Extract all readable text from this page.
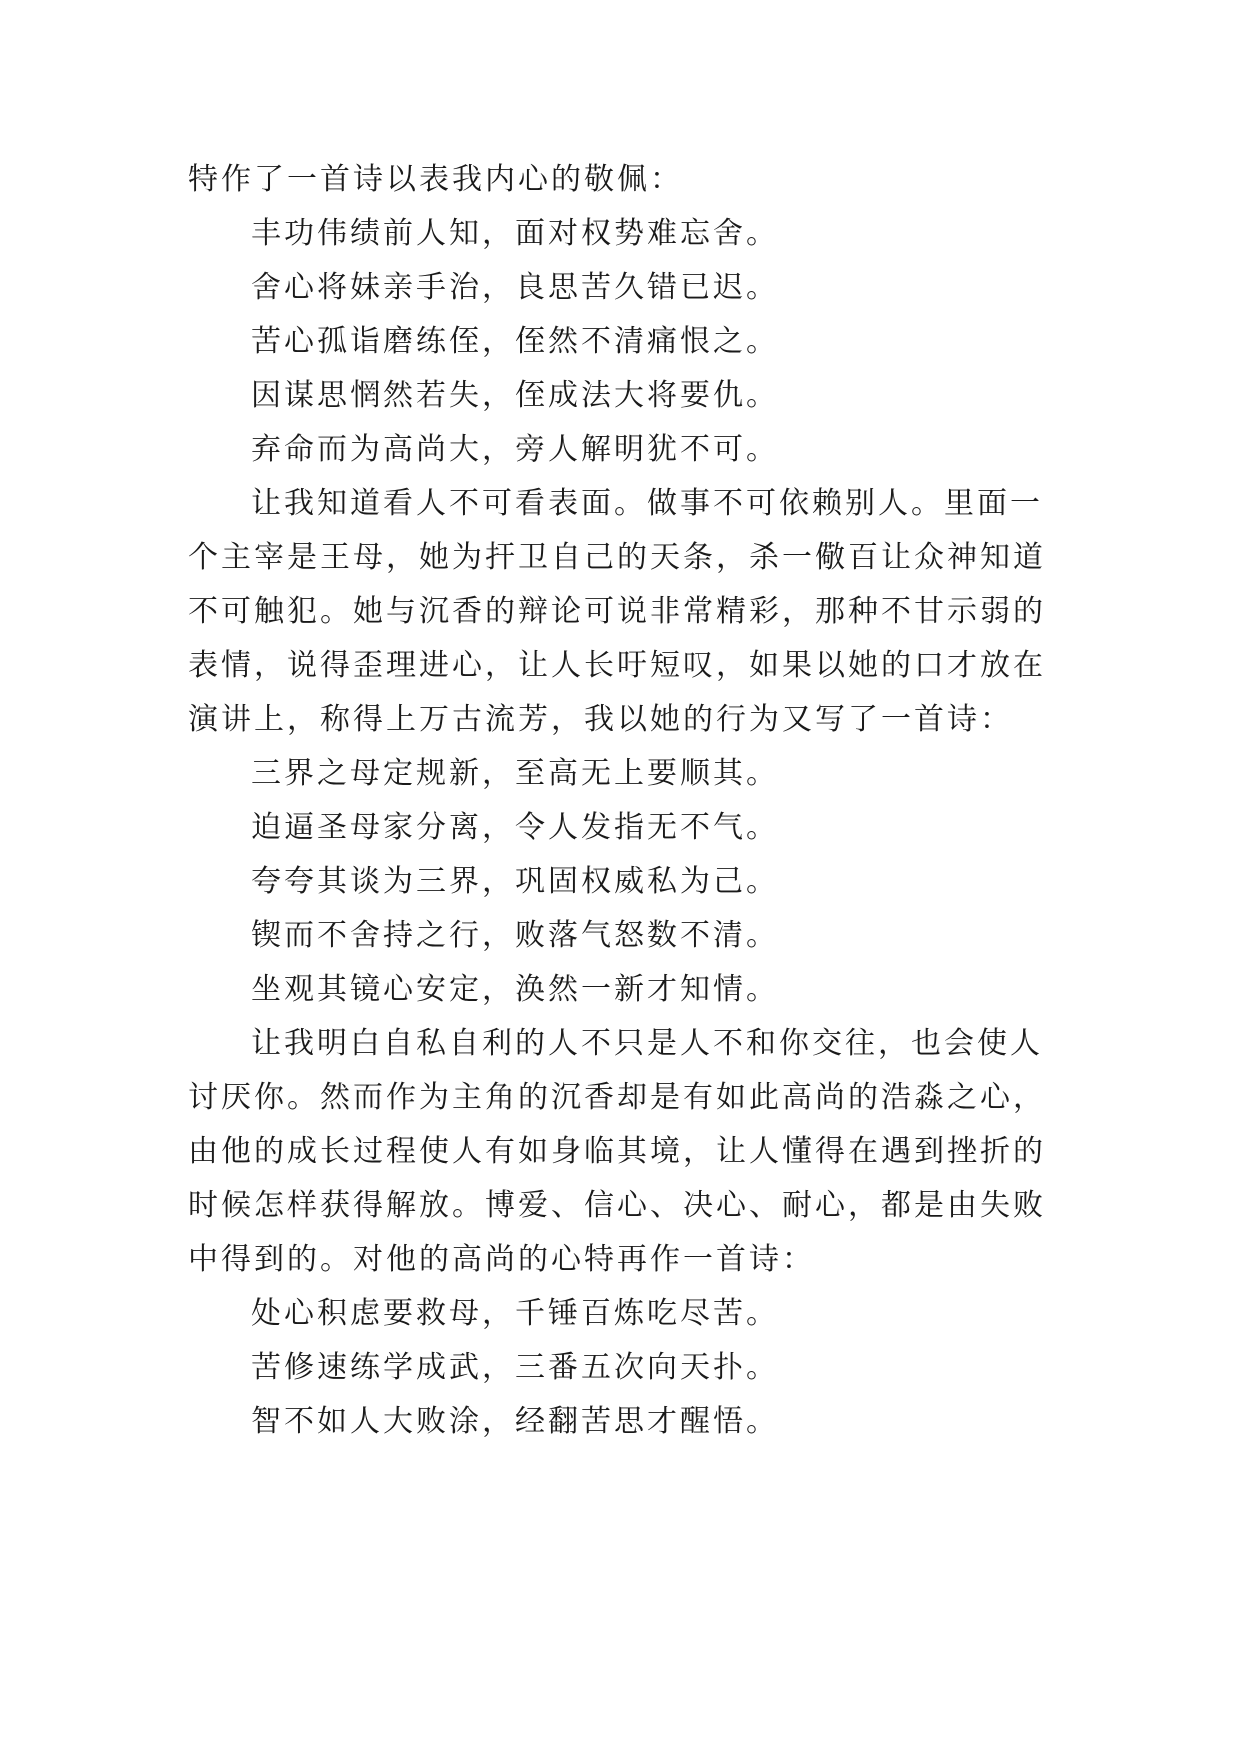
特作了一首诗以表我内心的敬佩：
丰功伟绩前人知，面对权势难忘舍。
舍心将妹亲手治，良思苦久错已迟。
苦心孤诣磨练侄，侄然不清痛恨之。
因谋思惘然若失，侄成法大将要仇。
弃命而为高尚大，旁人解明犹不可。
让我知道看人不可看表面。做事不可依赖别人。里面一
个主宰是王母，她为扞卫自己的天条，杀一儆百让众神知道
不可触犯。她与沉香的辩论可说非常精彩，那种不甘示弱的
表情，说得歪理进心，让人长吁短叹，如果以她的口才放在
演讲上，称得上万古流芳，我以她的行为又写了一首诗：
三界之母定规新，至高无上要顺其。
迫逼圣母家分离，令人发指无不气。
夸夸其谈为三界，巩固权威私为己。
锲而不舍持之行，败落气怒数不清。
坐观其镜心安定，涣然一新才知情。
让我明白自私自利的人不只是人不和你交往，也会使人
讨厌你。然而作为主角的沉香却是有如此高尚的浩淼之心，
由他的成长过程使人有如身临其境，让人懂得在遇到挫折的
时候怎样获得解放。博爱、信心、决心、耐心，都是由失败
中得到的。对他的高尚的心特再作一首诗：
处心积虑要救母，千锤百炼吃尽苦。
苦修速练学成武，三番五次向天扑。
智不如人大败涂，经翻苦思才醒悟。
